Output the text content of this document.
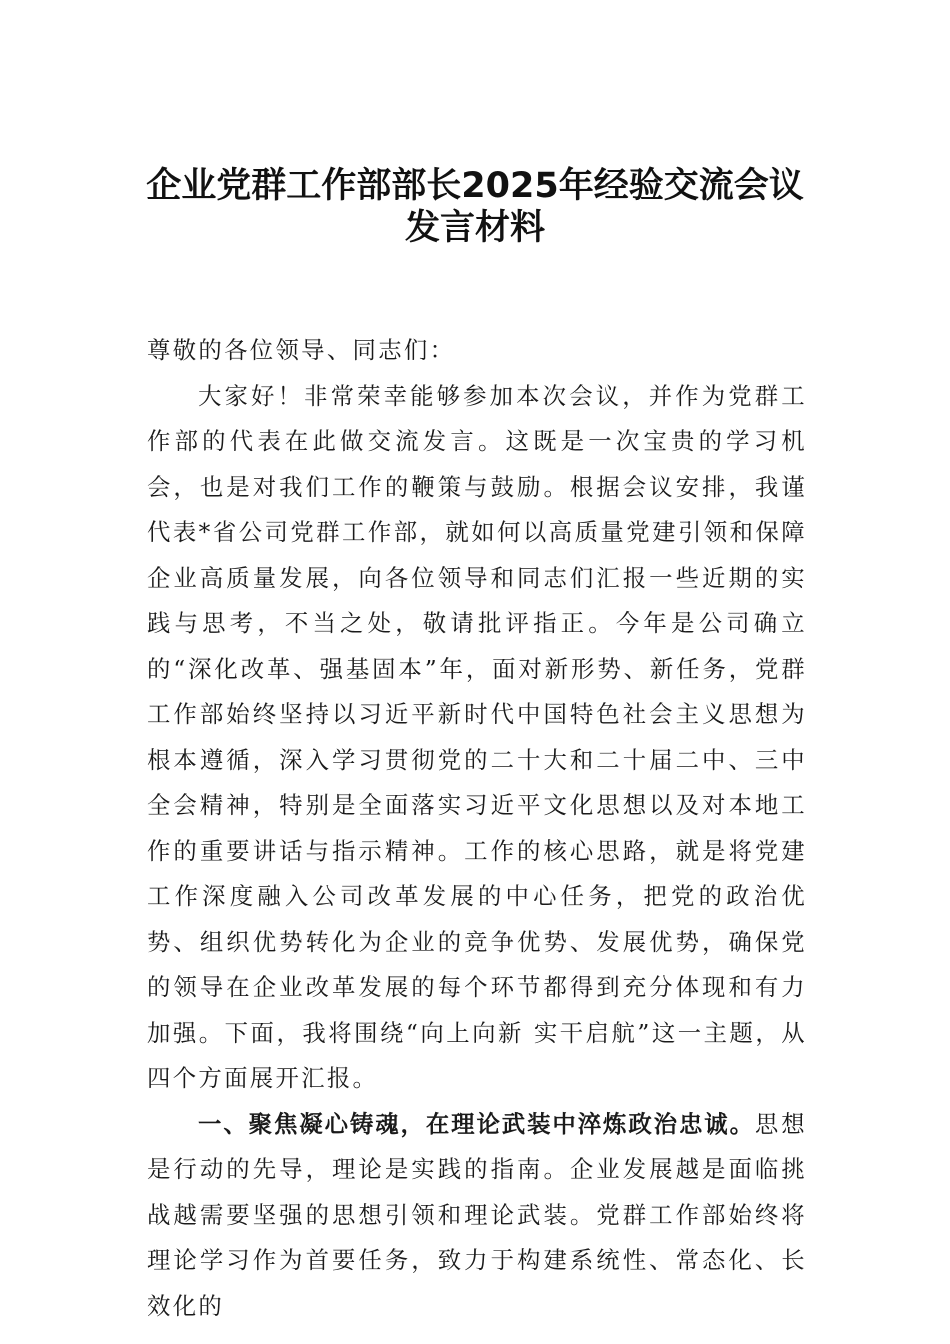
企业党群工作部部长2025年经验交流会议
发言材料

尊敬的各位领导、同志们：

大家好！非常荣幸能够参加本次会议，并作为党群工作部的代表在此做交流发言。这既是一次宝贵的学习机会，也是对我们工作的鞭策与鼓励。根据会议安排，我谨代表*省公司党群工作部，就如何以高质量党建引领和保障企业高质量发展，向各位领导和同志们汇报一些近期的实践与思考，不当之处，敬请批评指正。今年是公司确立的“深化改革、强基固本”年，面对新形势、新任务，党群工作部始终坚持以习近平新时代中国特色社会主义思想为根本遵循，深入学习贯彻党的二十大和二十届二中、三中全会精神，特别是全面落实习近平文化思想以及对本地工作的重要讲话与指示精神。工作的核心思路，就是将党建工作深度融入公司改革发展的中心任务，把党的政治优势、组织优势转化为企业的竞争优势、发展优势，确保党的领导在企业改革发展的每个环节都得到充分体现和有力加强。下面，我将围绕“向上向新 实干启航”这一主题，从四个方面展开汇报。

一、聚焦凝心铸魂，在理论武装中淬炼政治忠诚。思想是行动的先导，理论是实践的指南。企业发展越是面临挑战越需要坚强的思想引领和理论武装。党群工作部始终将理论学习作为首要任务，致力于构建系统性、常态化、长效化的
